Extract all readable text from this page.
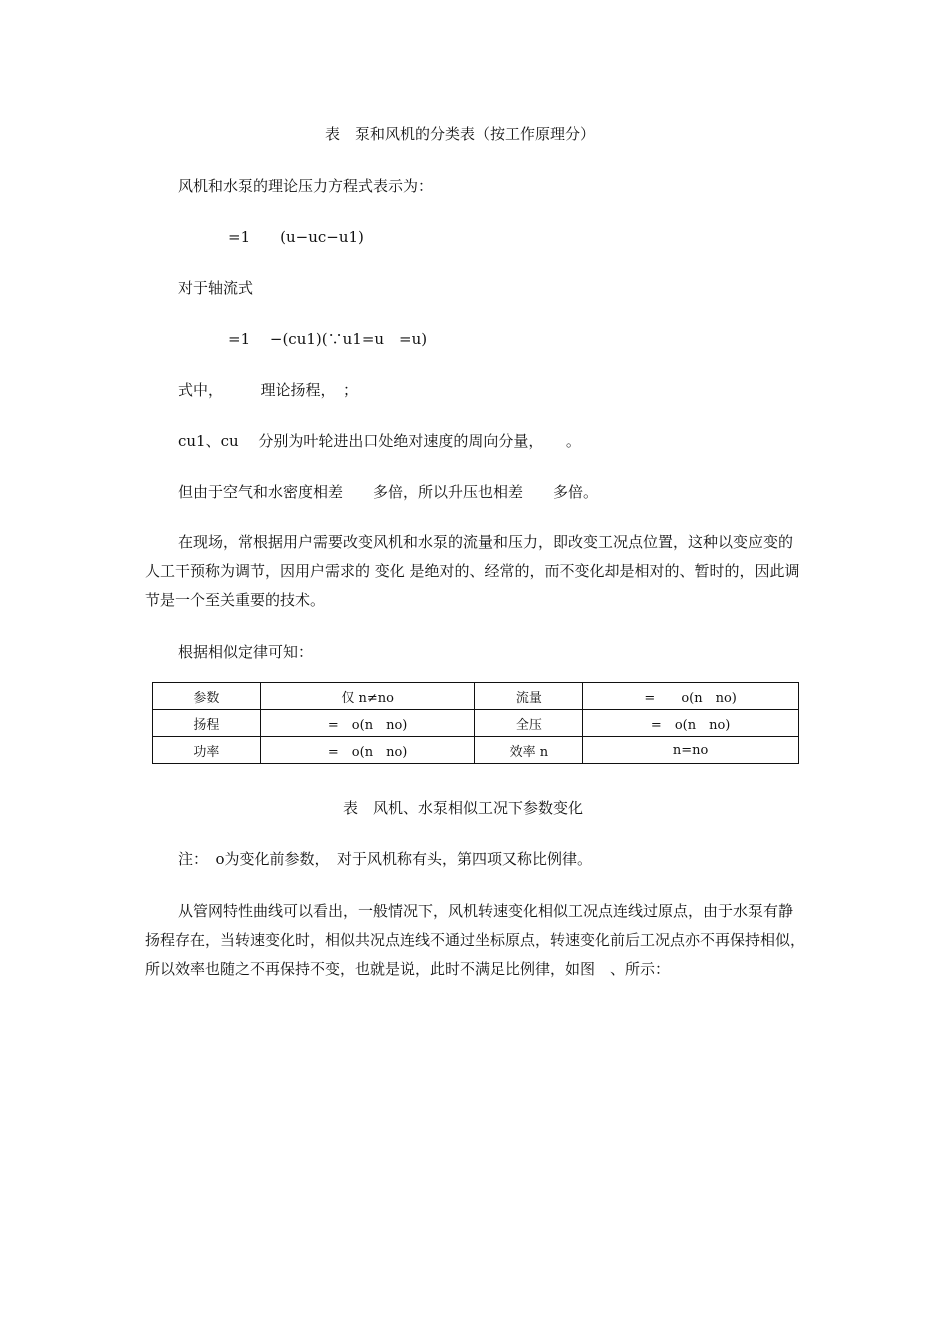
表　泵和风机的分类表（按工作原理分）
风机和水泵的理论压力方程式表示为：
=1　　(u−uc−u1)
对于轴流式
=1　 −(cu1)(∵u1=u　=u)
式中，　　　理论扬程，　；
cu1、cu　 分别为叶轮进出口处绝对速度的周向分量，　　。
但由于空气和水密度相差　　多倍，所以升压也相差　　多倍。
在现场，常根据用户需要改变风机和水泵的流量和压力，即改变工况点位置，这种以变应变的人工干预称为调节，因用户需求的 变化 是绝对的、经常的，而不变化却是相对的、暂时的，因此调节是一个至关重要的技术。
根据相似定律可知：
参数	仅 n≠no	流量	=　　o(n　no)
扬程	=　o(n　no)	全压	=　o(n　no)
功率	=　o(n　no)	效率 n	n=no
表　风机、水泵相似工况下参数变化
注：　o为变化前参数，　对于风机称有头，第四项又称比例律。
从管网特性曲线可以看出，一般情况下，风机转速变化相似工况点连线过原点，由于水泵有静扬程存在，当转速变化时，相似共况点连线不通过坐标原点，转速变化前后工况点亦不再保持相似，所以效率也随之不再保持不变，也就是说，此时不满足比例律，如图　、所示：
